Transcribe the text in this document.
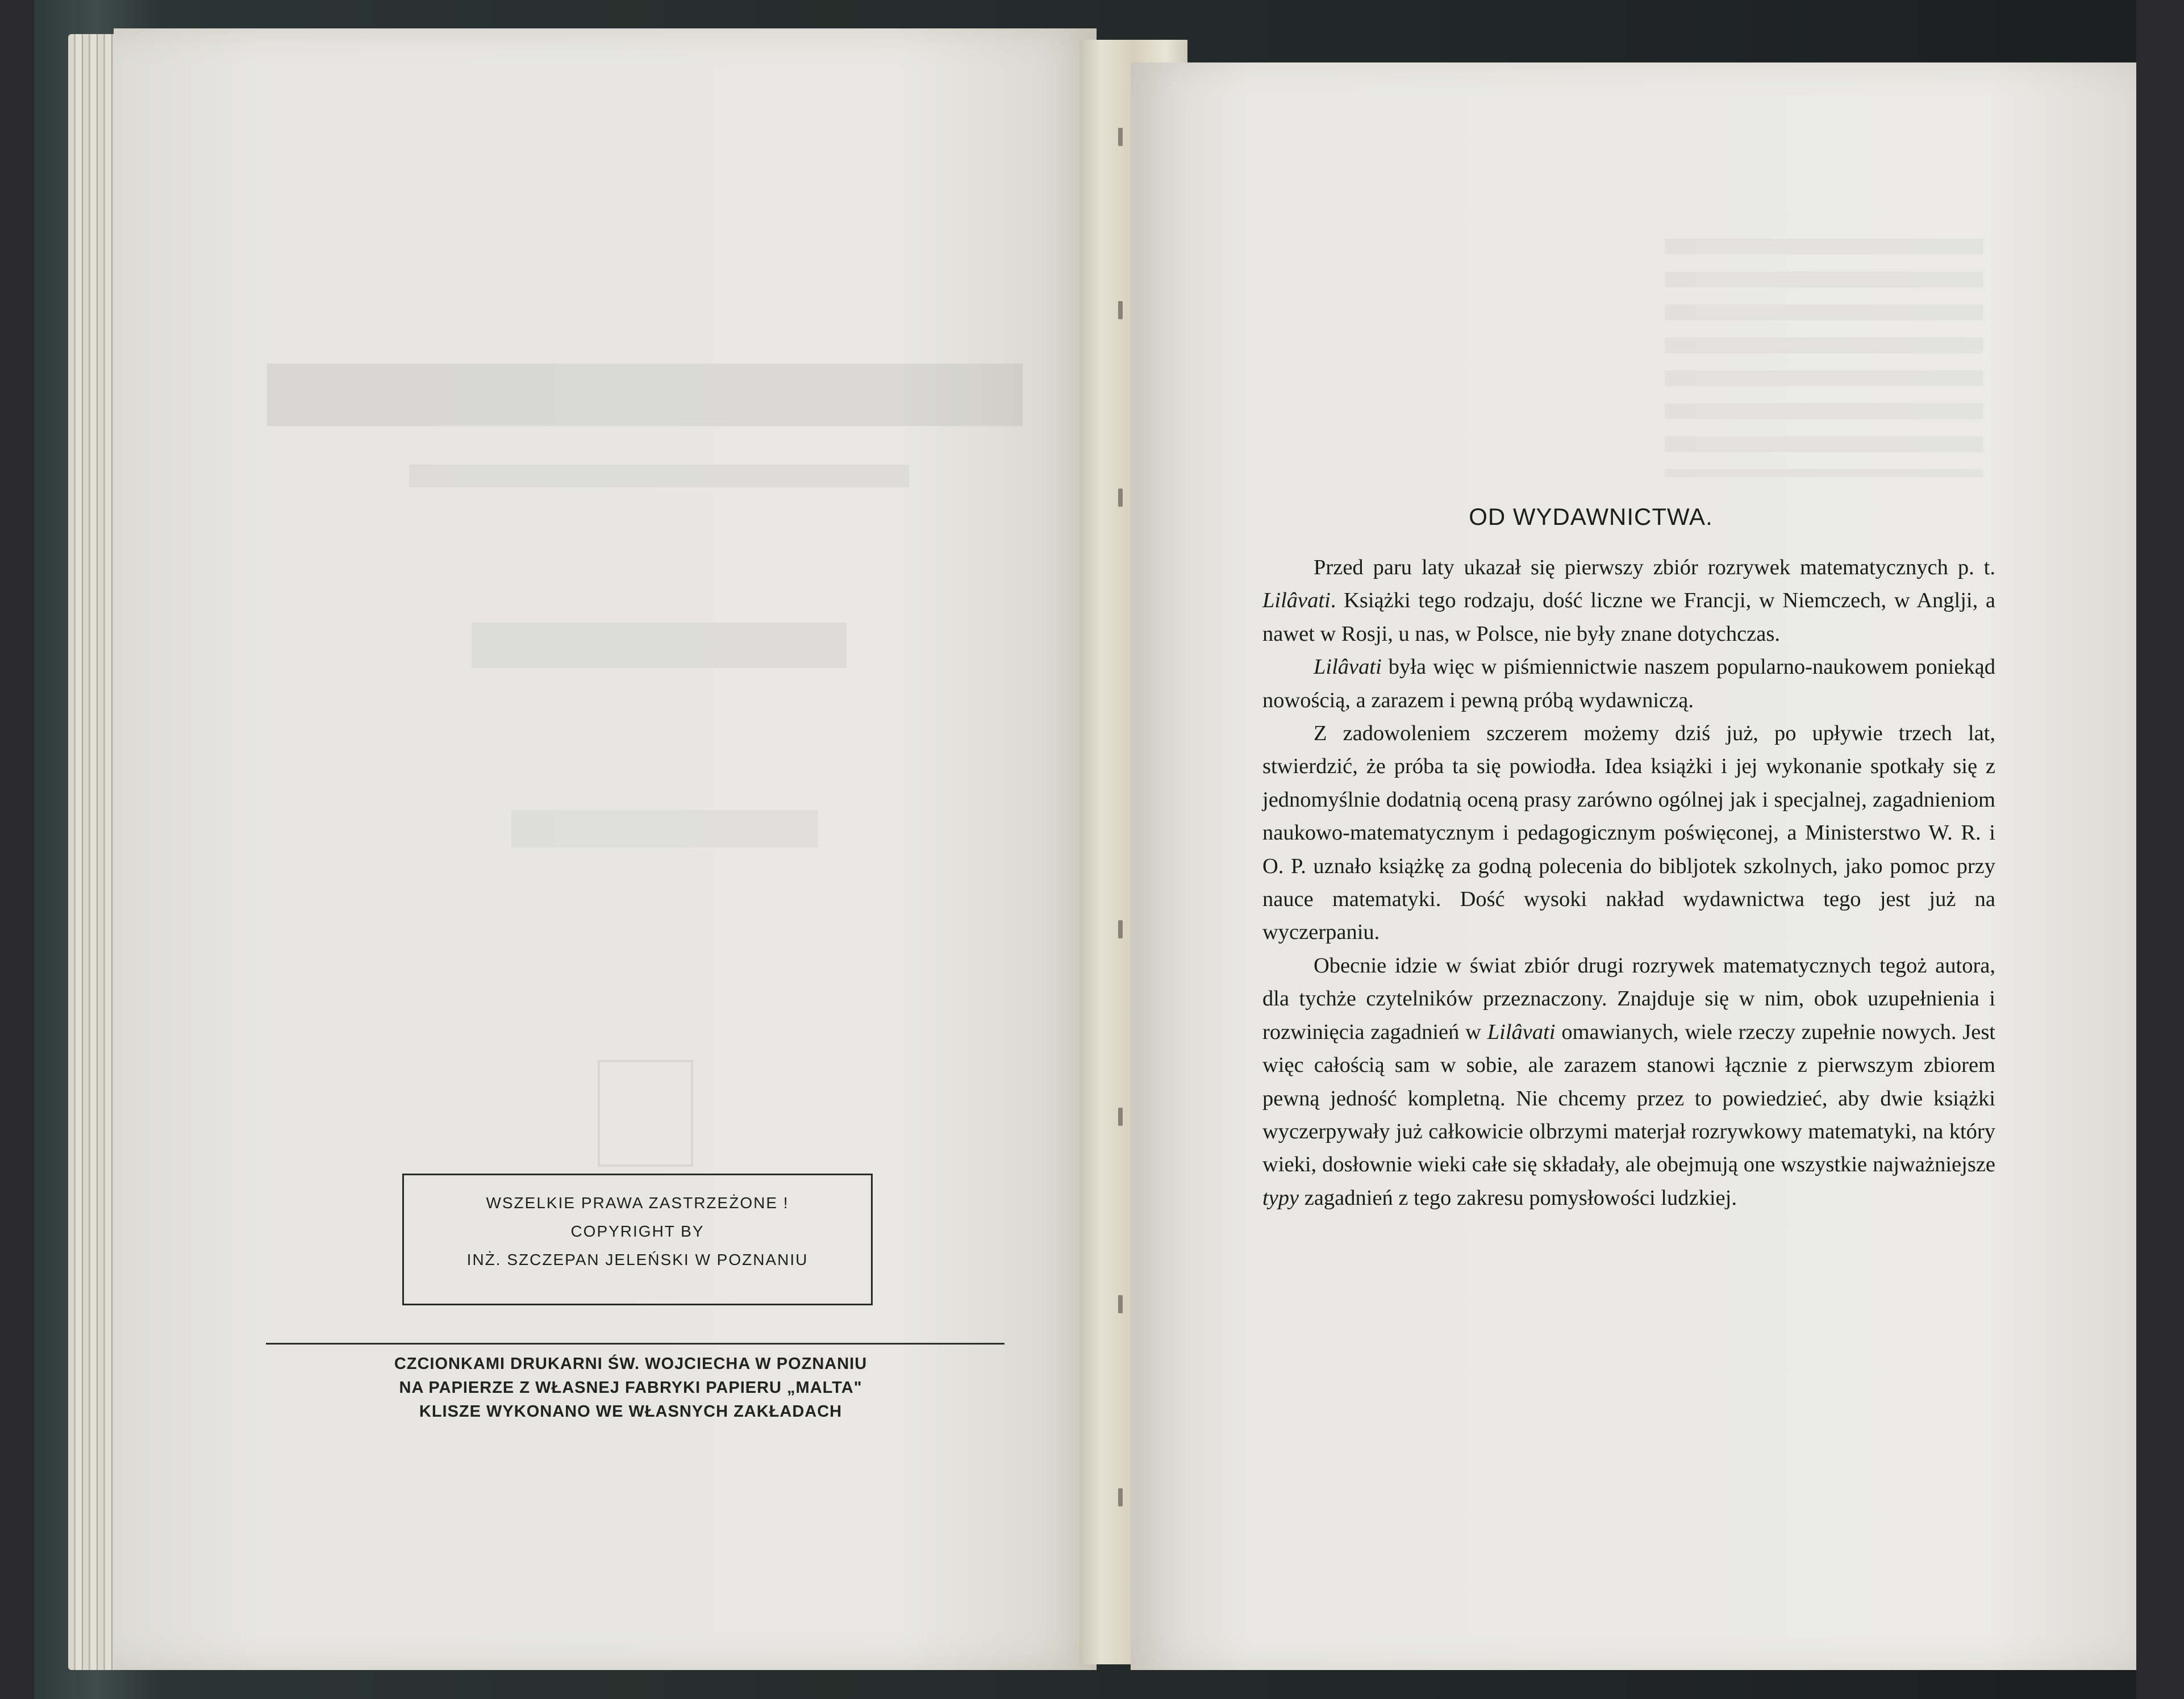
WSZELKIE PRAWA ZASTRZEŻONE !
COPYRIGHT BY
INŻ. SZCZEPAN JELEŃSKI W POZNANIU
CZCIONKAMI DRUKARNI ŚW. WOJCIECHA W POZNANIU
NA PAPIERZE Z WŁASNEJ FABRYKI PAPIERU „MALTA"
KLISZE WYKONANO WE WŁASNYCH ZAKŁADACH
OD WYDAWNICTWA.

Przed paru laty ukazał się pierwszy zbiór rozrywek matematycznych p. t. Lilâvati. Książki tego rodzaju, dość liczne we Francji, w Niemczech, w Anglji, a nawet w Rosji, u nas, w Polsce, nie były znane dotychczas.

Lilâvati była więc w piśmiennictwie naszem popularno-naukowem poniekąd nowością, a zarazem i pewną próbą wydawniczą.

Z zadowoleniem szczerem możemy dziś już, po upływie trzech lat, stwierdzić, że próba ta się powiodła. Idea książki i jej wykonanie spotkały się z jednomyślnie dodatnią oceną prasy zarówno ogólnej jak i specjalnej, zagadnieniom naukowo-matematycznym i pedagogicznym poświęconej, a Ministerstwo W. R. i O. P. uznało książkę za godną polecenia do bibljotek szkolnych, jako pomoc przy nauce matematyki. Dość wysoki nakład wydawnictwa tego jest już na wyczerpaniu.

Obecnie idzie w świat zbiór drugi rozrywek matematycznych tegoż autora, dla tychże czytelników przeznaczony. Znajduje się w nim, obok uzupełnienia i rozwinięcia zagadnień w Lilâvati omawianych, wiele rzeczy zupełnie nowych. Jest więc całością sam w sobie, ale zarazem stanowi łącznie z pierwszym zbiorem pewną jedność kompletną. Nie chcemy przez to powiedzieć, aby dwie książki wyczerpywały już całkowicie olbrzymi materjał rozrywkowy matematyki, na który wieki, dosłownie wieki całe się składały, ale obejmują one wszystkie najważniejsze typy zagadnień z tego zakresu pomysłowości ludzkiej.
